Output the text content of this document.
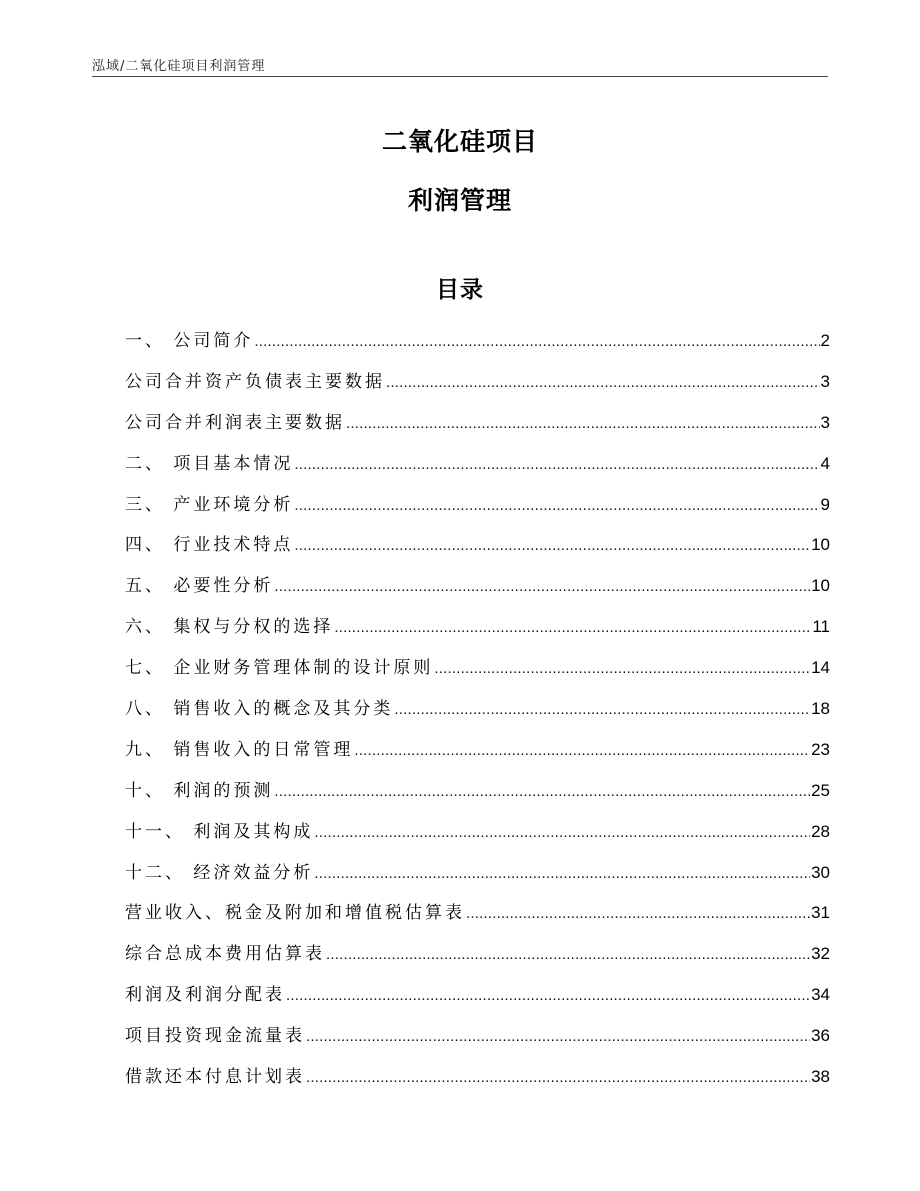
泓域/二氧化硅项目利润管理
二氧化硅项目
利润管理
目录
一、 公司简介 .....	2
公司合并资产负债表主要数据 .....	3
公司合并利润表主要数据 .....	3
二、 项目基本情况 .....	4
三、 产业环境分析 .....	9
四、 行业技术特点 .....	10
五、 必要性分析 .....	10
六、 集权与分权的选择 .....	11
七、 企业财务管理体制的设计原则 .....	14
八、 销售收入的概念及其分类 .....	18
九、 销售收入的日常管理 .....	23
十、 利润的预测 .....	25
十一、 利润及其构成 .....	28
十二、 经济效益分析 .....	30
营业收入、税金及附加和增值税估算表 .....	31
综合总成本费用估算表 .....	32
利润及利润分配表 .....	34
项目投资现金流量表 .....	36
借款还本付息计划表 .....	38
